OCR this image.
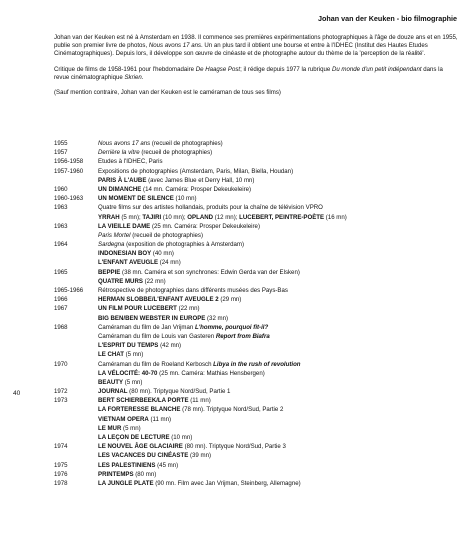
Johan van der Keuken - bio filmographie
40

Johan van der Keuken est né à Amsterdam en 1938. Il commence ses premières expérimentations photographiques à l'âge de douze ans et en 1955, publie son premier livre de photos, Nous avons 17 ans. Un an plus tard il obtient une bourse et entre à l'IDHEC (Institut des Hautes Etudes Cinématographiques). Depuis lors, il développe son œuvre de cinéaste et de photographe autour du thème de la 'perception de la réalité'.

Critique de films de 1958-1961 pour l'hebdomadaire De Haagse Post; il rédige depuis 1977 la rubrique Du monde d'un petit indépendant dans la revue cinématographique Skrien.

(Sauf mention contraire, Johan van der Keuken est le caméraman de tous ses films)

1955	Nous avons 17 ans (recueil de photographies)
1957	Derrière la vitre (recueil de photographies)
1956-1958	Etudes à l'IDHEC, Paris
1957-1960	Expositions de photographies (Amsterdam, Paris, Milan, Biella, Houdan)
PARIS À L'AUBE (avec James Blue et Derry Hall, 10 mn)
1960	UN DIMANCHE (14 mn. Caméra: Prosper Dekeukeleire)
1960-1963	UN MOMENT DE SILENCE (10 mn)
1963	Quatre films sur des artistes hollandais, produits pour la chaîne de télévision VPRO
YRRAH (5 mn); TAJIRI (10 mn); OPLAND (12 mn); LUCEBERT, PEINTRE-POÈTE (16 mn)
1963	LA VIEILLE DAME (25 mn. Caméra: Prosper Dekeukeleire)
Paris Mortel (recueil de photographies)
1964	Sardegna (exposition de photographies à Amsterdam)
INDONESIAN BOY (40 mn)
L'ENFANT AVEUGLE (24 mn)
1965	BEPPIE (38 mn. Caméra et son synchrones: Edwin Gerda van der Elsken)
QUATRE MURS (22 mn)
1965-1966	Rétrospective de photographies dans différents musées des Pays-Bas
1966	HERMAN SLOBBE/L'ENFANT AVEUGLE 2 (29 mn)
1967	UN FILM POUR LUCEBERT (22 mn)
BIG BEN/BEN WEBSTER IN EUROPE (32 mn)
1968	Caméraman du film de Jan Vrijman L'homme, pourquoi fit-il?
Caméraman du film de Louis van Gasteren Report from Biafra
L'ESPRIT DU TEMPS (42 mn)
LE CHAT (5 mn)
1970	Caméraman du film de Roeland Kerbosch Libya in the rush of revolution
LA VÉLOCITÉ: 40-70 (25 mn. Caméra: Mathias Hensbergen)
BEAUTY (5 mn)
1972	JOURNAL (80 mn). Triptyque Nord/Sud, Partie 1
1973	BERT SCHIERBEEK/LA PORTE (11 mn)
LA FORTERESSE BLANCHE (78 mn). Triptyque Nord/Sud, Partie 2
VIETNAM OPERA (11 mn)
LE MUR (5 mn)
LA LEÇON DE LECTURE (10 mn)
1974	LE NOUVEL ÂGE GLACIAIRE (80 mn). Triptyque Nord/Sud, Partie 3
LES VACANCES DU CINÉASTE (39 mn)
1975	LES PALESTINIENS (45 mn)
1976	PRINTEMPS (80 mn)
1978	LA JUNGLE PLATE (90 mn. Film avec Jan Vrijman, Steinberg, Allemagne)
